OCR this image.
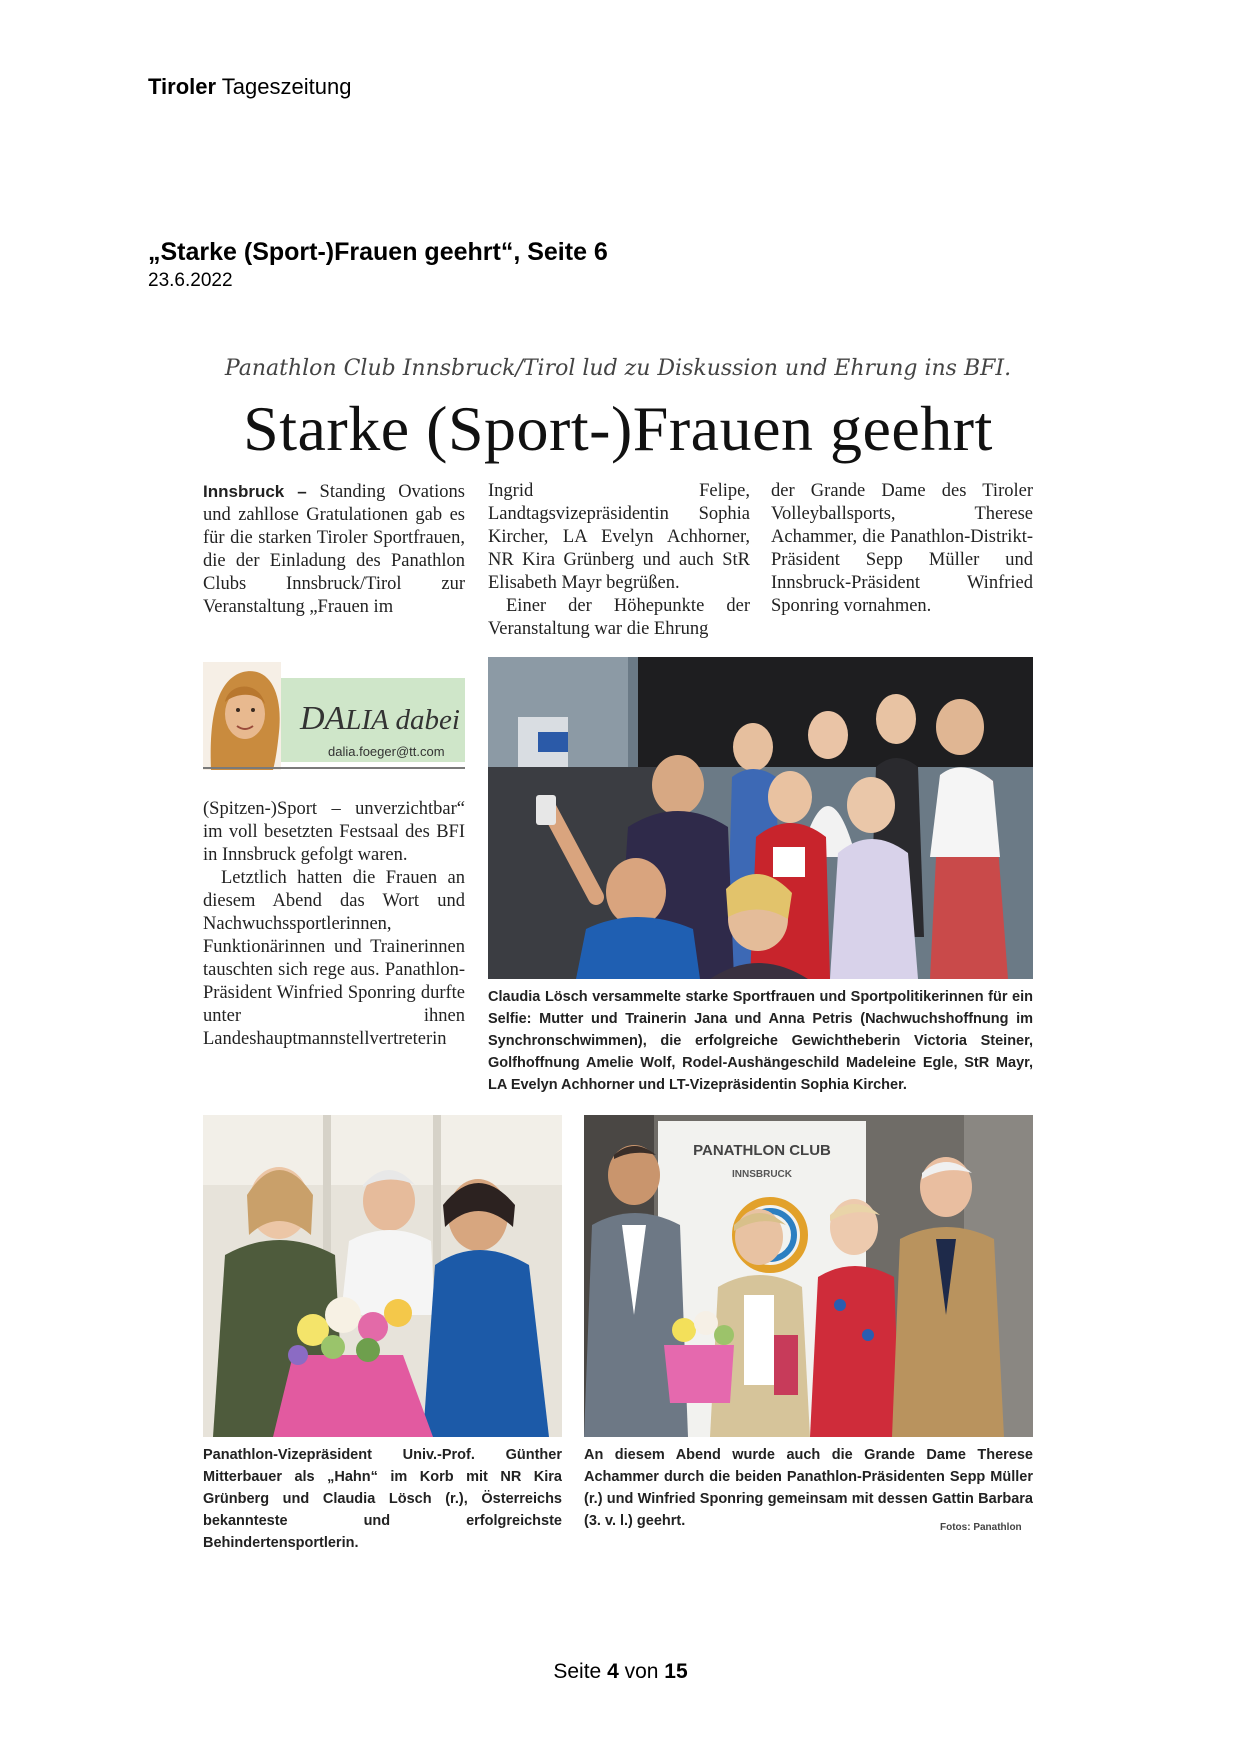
Tiroler Tageszeitung
„Starke (Sport-)Frauen geehrt“, Seite 6
23.6.2022
Panathlon Club Innsbruck/Tirol lud zu Diskussion und Ehrung ins BFI.
Starke (Sport-)Frauen geehrt

Innsbruck – Standing Ovations und zahllose Gratulationen gab es für die starken Tiroler Sportfrauen, die der Einladung des Panathlon Clubs Innsbruck/Tirol zur Veranstaltung „Frauen im

DALIA dabei
dalia.foeger@tt.com

(Spitzen-)Sport – unverzichtbar“ im voll besetzten Festsaal des BFI in Innsbruck gefolgt waren.

Letztlich hatten die Frauen an diesem Abend das Wort und Nachwuchssportlerinnen, Funktionärinnen und Trainerinnen tauschten sich rege aus. Panathlon-Präsident Winfried Sponring durfte unter ihnen Landeshauptmannstellvertreterin

Ingrid Felipe, Landtagsvizepräsidentin Sophia Kircher, LA Evelyn Achhorner, NR Kira Grünberg und auch StR Elisabeth Mayr begrüßen.

Einer der Höhepunkte der Veranstaltung war die Ehrung

der Grande Dame des Tiroler Volleyballsports, Therese Achammer, die Panathlon-Distrikt-Präsident Sepp Müller und Innsbruck-Präsident Winfried Sponring vornahmen.

Claudia Lösch versammelte starke Sportfrauen und Sportpolitikerinnen für ein Selfie: Mutter und Trainerin Jana und Anna Petris (Nachwuchshoffnung im Synchronschwimmen), die erfolgreiche Gewichtheberin Victoria Steiner, Golfhoffnung Amelie Wolf, Rodel-Aushängeschild Madeleine Egle, StR Mayr, LA Evelyn Achhorner und LT-Vizepräsidentin Sophia Kircher.
Panathlon-Vizepräsident Univ.-Prof. Günther Mitterbauer als „Hahn“ im Korb mit NR Kira Grünberg und Claudia Lösch (r.), Österreichs bekannteste und erfolgreichste Behindertensportlerin.
PANATHLON CLUB
INNSBRUCK
An diesem Abend wurde auch die Grande Dame Therese Achammer durch die beiden Panathlon-Präsidenten Sepp Müller (r.) und Winfried Sponring gemeinsam mit dessen Gattin Barbara (3. v. l.) geehrt.	Fotos: Panathlon
Seite 4 von 15
